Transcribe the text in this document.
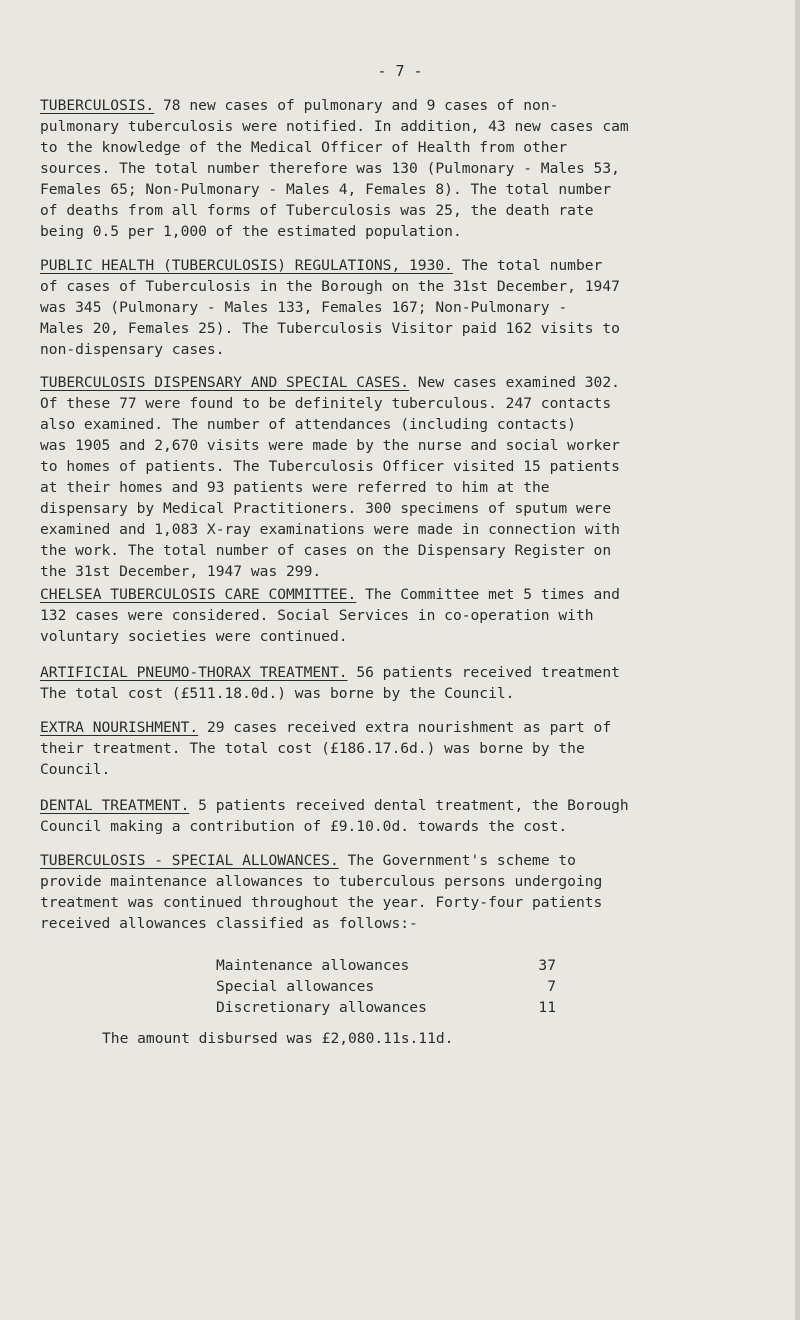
- 7 -
TUBERCULOSIS. 78 new cases of pulmonary and 9 cases of non-
pulmonary tuberculosis were notified. In addition, 43 new cases cam
to the knowledge of the Medical Officer of Health from other
sources. The total number therefore was 130 (Pulmonary - Males 53,
Females 65; Non-Pulmonary - Males 4, Females 8). The total number
of deaths from all forms of Tuberculosis was 25, the death rate
being 0.5 per 1,000 of the estimated population.
PUBLIC HEALTH (TUBERCULOSIS) REGULATIONS, 1930. The total number
of cases of Tuberculosis in the Borough on the 31st December, 1947
was 345 (Pulmonary - Males 133, Females 167; Non-Pulmonary -
Males 20, Females 25). The Tuberculosis Visitor paid 162 visits to
non-dispensary cases.
TUBERCULOSIS DISPENSARY AND SPECIAL CASES. New cases examined 302.
Of these 77 were found to be definitely tuberculous. 247 contacts
also examined. The number of attendances (including contacts)
was 1905 and 2,670 visits were made by the nurse and social worker
to homes of patients. The Tuberculosis Officer visited 15 patients
at their homes and 93 patients were referred to him at the
dispensary by Medical Practitioners. 300 specimens of sputum were
examined and 1,083 X-ray examinations were made in connection with
the work. The total number of cases on the Dispensary Register on
the 31st December, 1947 was 299.
CHELSEA TUBERCULOSIS CARE COMMITTEE. The Committee met 5 times and
132 cases were considered. Social Services in co-operation with
voluntary societies were continued.
ARTIFICIAL PNEUMO-THORAX TREATMENT. 56 patients received treatment
The total cost (£511.18.0d.) was borne by the Council.
EXTRA NOURISHMENT. 29 cases received extra nourishment as part of
their treatment. The total cost (£186.17.6d.) was borne by the
Council.
DENTAL TREATMENT. 5 patients received dental treatment, the Borough
Council making a contribution of £9.10.0d. towards the cost.
TUBERCULOSIS - SPECIAL ALLOWANCES. The Government's scheme to
provide maintenance allowances to tuberculous persons undergoing
treatment was continued throughout the year. Forty-four patients
received allowances classified as follows:-
Maintenance allowances	37
Special allowances	7
Discretionary allowances	11
The amount disbursed was £2,080.11s.11d.
